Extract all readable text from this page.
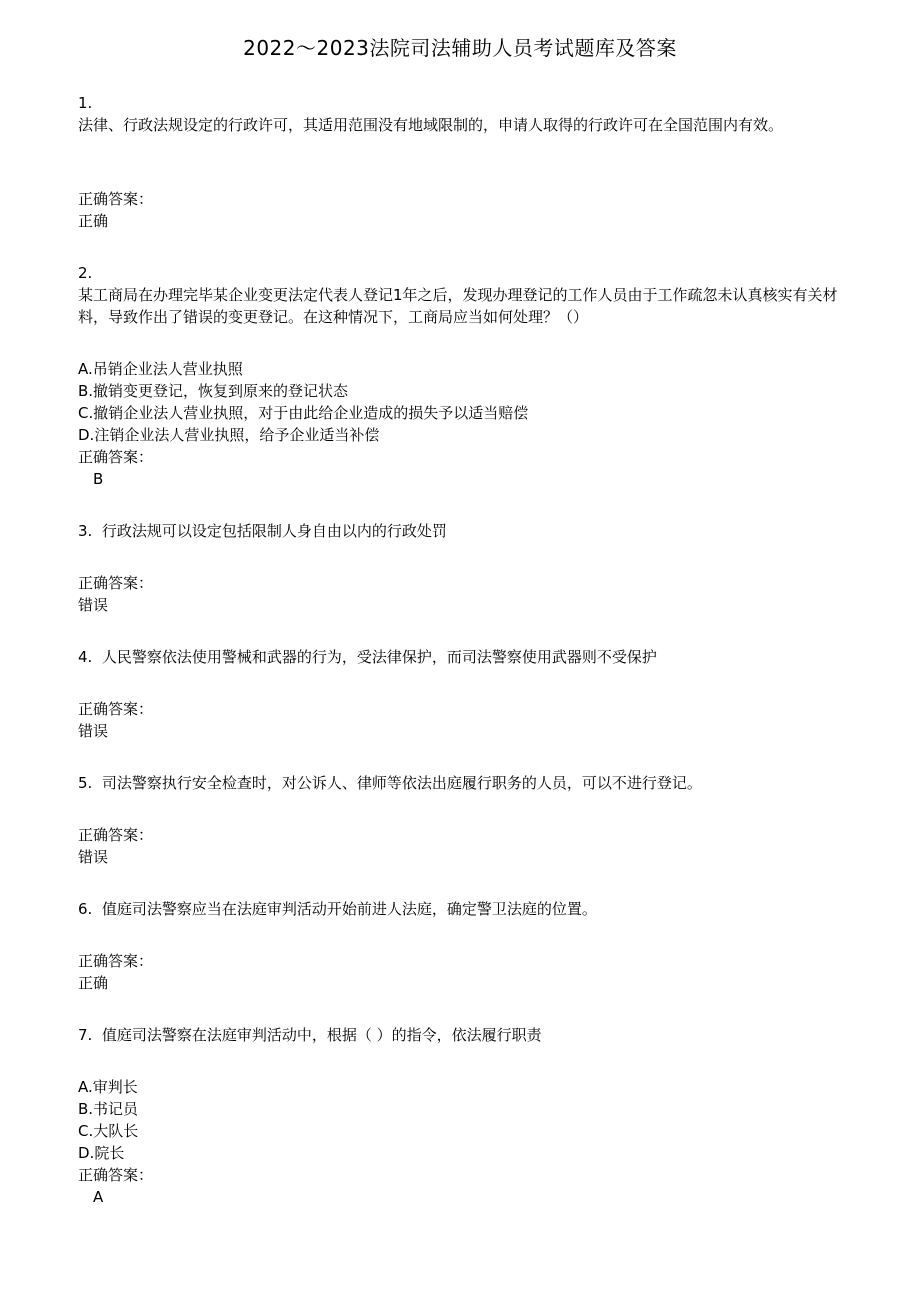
2022～2023法院司法辅助人员考试题库及答案
1.
法律、行政法规设定的行政许可，其适用范围没有地域限制的，申请人取得的行政许可在全国范围内有效。
正确答案：
正确
2.
某工商局在办理完毕某企业变更法定代表人登记1年之后，发现办理登记的工作人员由于工作疏忽未认真核实有关材料，导致作出了错误的变更登记。在这种情况下，工商局应当如何处理？（）
A.吊销企业法人营业执照
B.撤销变更登记，恢复到原来的登记状态
C.撤销企业法人营业执照，对于由此给企业造成的损失予以适当赔偿
D.注销企业法人营业执照，给予企业适当补偿
正确答案：
B
3. 行政法规可以设定包括限制人身自由以内的行政处罚
正确答案：
错误
4. 人民警察依法使用警械和武器的行为，受法律保护，而司法警察使用武器则不受保护
正确答案：
错误
5. 司法警察执行安全检查时，对公诉人、律师等依法出庭履行职务的人员，可以不进行登记。
正确答案：
错误
6. 值庭司法警察应当在法庭审判活动开始前进人法庭，确定警卫法庭的位置。
正确答案：
正确
7. 值庭司法警察在法庭审判活动中，根据（ ）的指令，依法履行职责
A.审判长
B.书记员
C.大队长
D.院长
正确答案：
A
